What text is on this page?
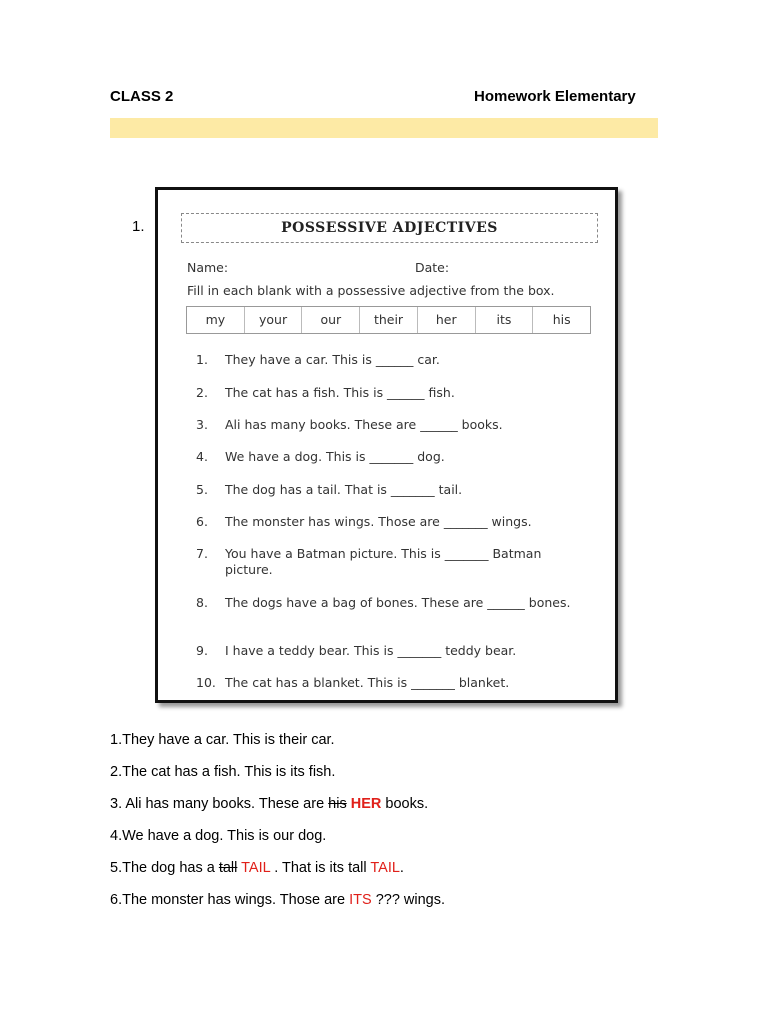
CLASS 2	Homework Elementary
1.	POSSESSIVE ADJECTIVES
Name:	Date:
Fill in each blank with a possessive adjective from the box.
my	your	our	their	her	its	his
1.	They have a car. This is ______ car.
2.	The cat has a fish. This is ______ fish.
3.	Ali has many books. These are ______ books.
4.	We have a dog. This is _______ dog.
5.	The dog has a tail. That is _______ tail.
6.	The monster has wings. Those are _______ wings.
7.	You have a Batman picture. This is _______ Batman picture.
8.	The dogs have a bag of bones. These are ______ bones.
9.	I have a teddy bear. This is _______ teddy bear.
10. The cat has a blanket. This is _______ blanket.
1.They have a car. This is their car.
2.The cat has a fish. This is its fish.
3. Ali has many books. These are his HER books.
4.We have a dog. This is our dog.
5.The dog has a tall TAIL . That is its tall TAIL.
6.The monster has wings. Those are ITS ??? wings.
